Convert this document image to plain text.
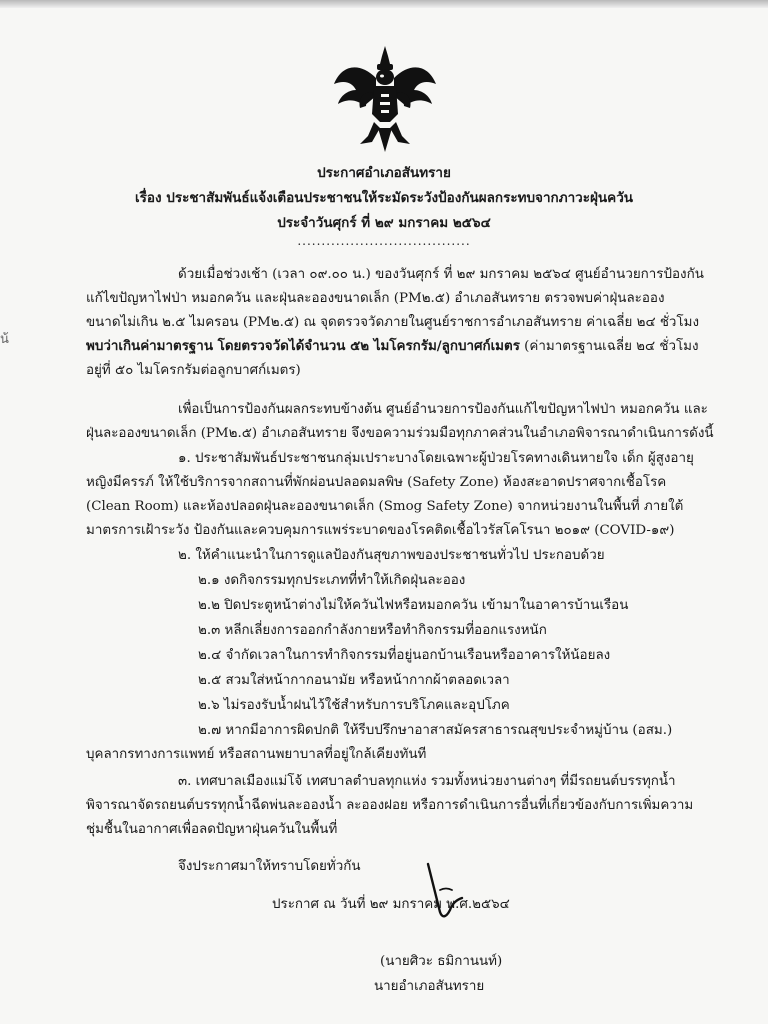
น้
ประกาศอำเภอสันทราย
เรื่อง ประชาสัมพันธ์แจ้งเตือนประชาชนให้ระมัดระวังป้องกันผลกระทบจากภาวะฝุ่นควัน
ประจำวันศุกร์ ที่ ๒๙ มกราคม ๒๕๖๔
....................................
ด้วยเมื่อช่วงเช้า (เวลา ๐๙.๐๐ น.) ของวันศุกร์ ที่ ๒๙ มกราคม ๒๕๖๔ ศูนย์อำนวยการป้องกัน
แก้ไขปัญหาไฟป่า หมอกควัน และฝุ่นละอองขนาดเล็ก (PM๒.๕) อำเภอสันทราย ตรวจพบค่าฝุ่นละออง
ขนาดไม่เกิน ๒.๕ ไมครอน (PM๒.๕) ณ จุดตรวจวัดภายในศูนย์ราชการอำเภอสันทราย ค่าเฉลี่ย ๒๔ ชั่วโมง
พบว่าเกินค่ามาตรฐาน โดยตรวจวัดได้จำนวน ๕๒ ไมโครกรัม/ลูกบาศก์เมตร (ค่ามาตรฐานเฉลี่ย ๒๔ ชั่วโมง
อยู่ที่ ๕๐ ไมโครกรัมต่อลูกบาศก์เมตร)
เพื่อเป็นการป้องกันผลกระทบข้างต้น ศูนย์อำนวยการป้องกันแก้ไขปัญหาไฟป่า หมอกควัน และ
ฝุ่นละอองขนาดเล็ก (PM๒.๕) อำเภอสันทราย จึงขอความร่วมมือทุกภาคส่วนในอำเภอพิจารณาดำเนินการดังนี้
๑. ประชาสัมพันธ์ประชาชนกลุ่มเปราะบางโดยเฉพาะผู้ป่วยโรคทางเดินหายใจ เด็ก ผู้สูงอายุ
หญิงมีครรภ์ ให้ใช้บริการจากสถานที่พักผ่อนปลอดมลพิษ (Safety Zone) ห้องสะอาดปราศจากเชื้อโรค
(Clean Room) และห้องปลอดฝุ่นละอองขนาดเล็ก (Smog Safety Zone) จากหน่วยงานในพื้นที่ ภายใต้
มาตรการเฝ้าระวัง ป้องกันและควบคุมการแพร่ระบาดของโรคติดเชื้อไวรัสโคโรนา ๒๐๑๙ (COVID-๑๙)
๒. ให้คำแนะนำในการดูแลป้องกันสุขภาพของประชาชนทั่วไป ประกอบด้วย
๒.๑ งดกิจกรรมทุกประเภทที่ทำให้เกิดฝุ่นละออง
๒.๒ ปิดประตูหน้าต่างไม่ให้ควันไฟหรือหมอกควัน เข้ามาในอาคารบ้านเรือน
๒.๓ หลีกเลี่ยงการออกกำลังกายหรือทำกิจกรรมที่ออกแรงหนัก
๒.๔ จำกัดเวลาในการทำกิจกรรมที่อยู่นอกบ้านเรือนหรืออาคารให้น้อยลง
๒.๕ สวมใส่หน้ากากอนามัย หรือหน้ากากผ้าตลอดเวลา
๒.๖ ไม่รองรับน้ำฝนไว้ใช้สำหรับการบริโภคและอุปโภค
๒.๗ หากมีอาการผิดปกติ ให้รีบปรึกษาอาสาสมัครสาธารณสุขประจำหมู่บ้าน (อสม.)
บุคลากรทางการแพทย์ หรือสถานพยาบาลที่อยู่ใกล้เคียงทันที
๓. เทศบาลเมืองแม่โจ้ เทศบาลตำบลทุกแห่ง รวมทั้งหน่วยงานต่างๆ ที่มีรถยนต์บรรทุกน้ำ
พิจารณาจัดรถยนต์บรรทุกน้ำฉีดพ่นละอองน้ำ ละอองฝอย หรือการดำเนินการอื่นที่เกี่ยวข้องกับการเพิ่มความ
ชุ่มชื้นในอากาศเพื่อลดปัญหาฝุ่นควันในพื้นที่
จึงประกาศมาให้ทราบโดยทั่วกัน
ประกาศ ณ วันที่ ๒๙ มกราคม พ.ศ.๒๕๖๔
(นายศิวะ ธมิกานนท์)
นายอำเภอสันทราย
